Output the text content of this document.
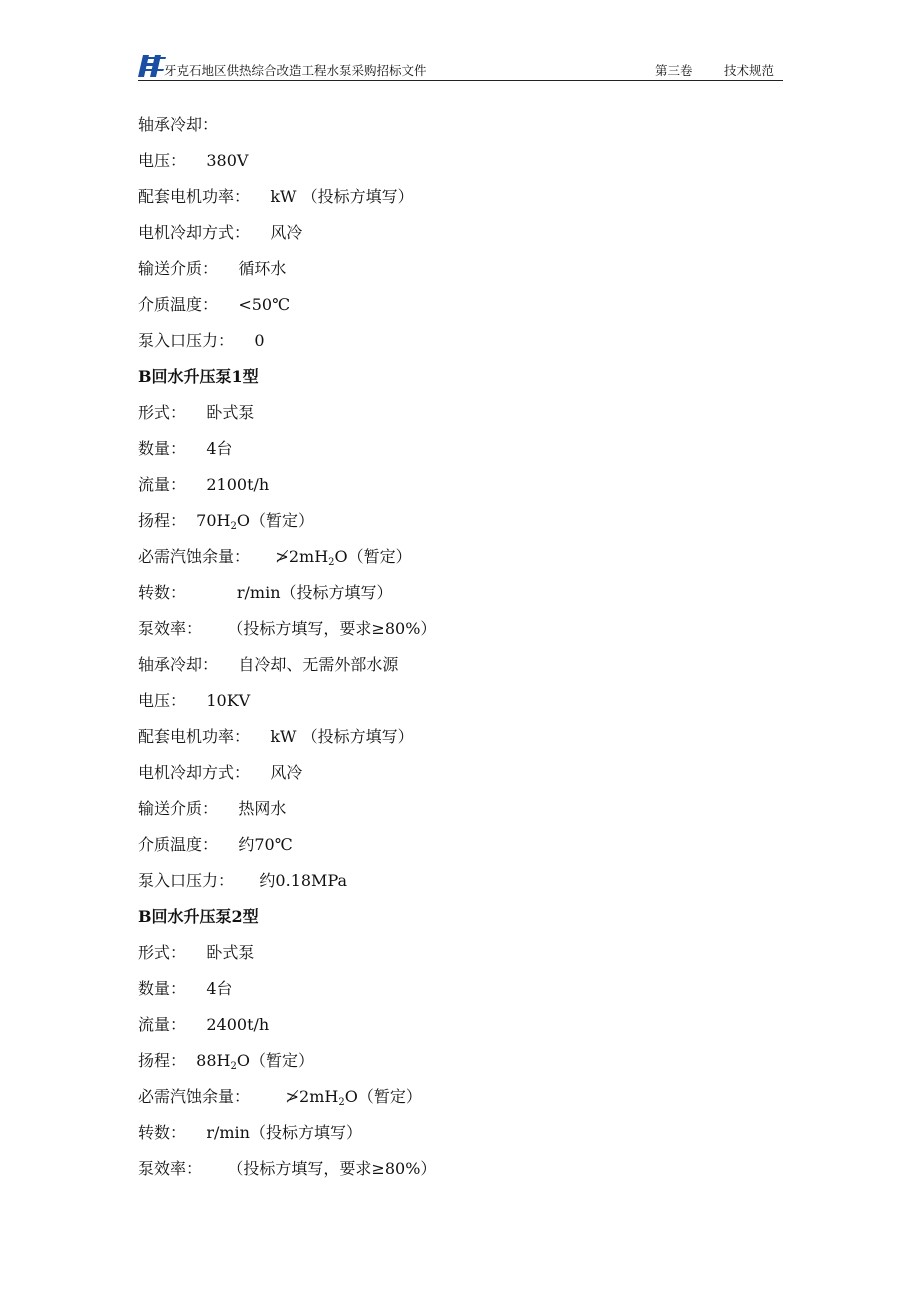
牙克石地区供热综合改造工程水泵采购招标文件	第三卷	技术规范
轴承冷却：
电压：    380V
配套电机功率：    kW （投标方填写）
电机冷却方式：    风冷
输送介质：    循环水
介质温度：    <50℃
泵入口压力：    0
B回水升压泵1型
形式：    卧式泵
数量：    4台
流量：    2100t/h
扬程：  $70H_2O$（暂定）
必需汽蚀余量：     $≯2mH_2O$（暂定）
转数：          r/min（投标方填写）
泵效率：     （投标方填写，要求≥80%）
轴承冷却：    自冷却、无需外部水源
电压：    10KV
配套电机功率：    kW （投标方填写）
电机冷却方式：    风冷
输送介质：    热网水
介质温度：    约70℃
泵入口压力：     约0.18MPa
B回水升压泵2型
形式：    卧式泵
数量：    4台
流量：    2400t/h
扬程：  $88H_2O$（暂定）
必需汽蚀余量：       $≯2mH_2O$（暂定）
转数：    r/min（投标方填写）
泵效率：     （投标方填写，要求≥80%）
